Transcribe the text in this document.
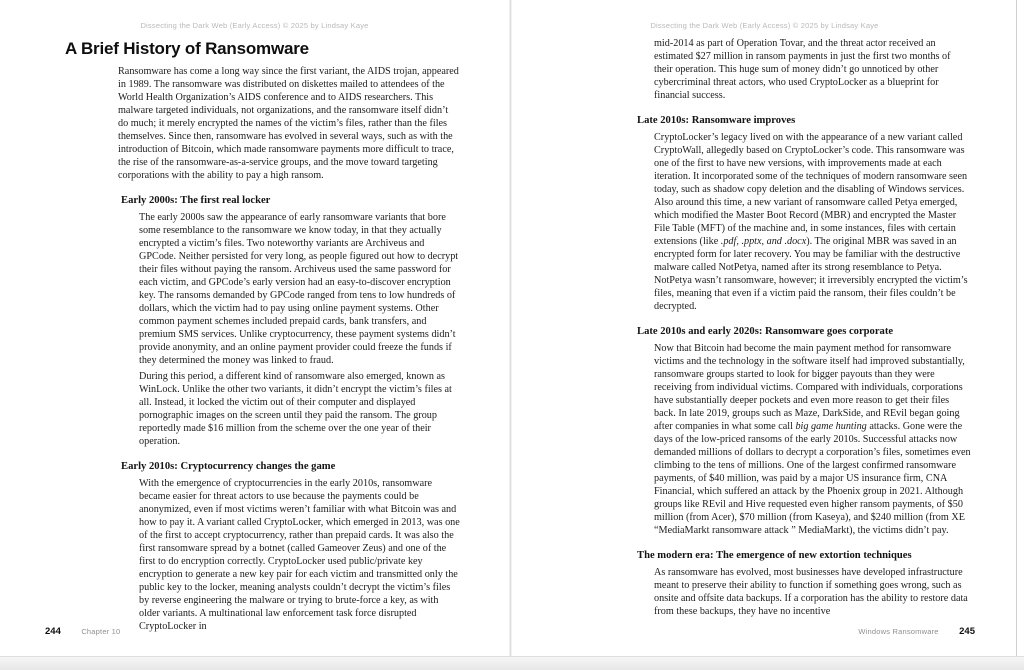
Dissecting the Dark Web (Early Access) © 2025 by Lindsay Kaye
A Brief History of Ransomware

Ransomware has come a long way since the first variant, the AIDS trojan, appeared in 1989. The ransomware was distributed on diskettes mailed to attendees of the World Health Organization’s AIDS conference and to AIDS researchers. This malware targeted individuals, not organizations, and the ransomware itself didn’t do much; it merely encrypted the names of the victim’s files, rather than the files themselves. Since then, ransomware has evolved in several ways, such as with the introduction of Bitcoin, which made ransomware payments more difficult to trace, the rise of the ransomware-as-a-service groups, and the move toward targeting corporations with the ability to pay a high ransom.

Early 2000s: The first real locker

The early 2000s saw the appearance of early ransomware variants that bore some resemblance to the ransomware we know today, in that they actually encrypted a victim’s files. Two noteworthy variants are Archiveus and GPCode. Neither persisted for very long, as people figured out how to decrypt their files without paying the ransom. Archiveus used the same password for each victim, and GPCode’s early version had an easy-to-discover encryption key. The ransoms demanded by GPCode ranged from tens to low hundreds of dollars, which the victim had to pay using online payment systems. Other common payment schemes included prepaid cards, bank transfers, and premium SMS services. Unlike cryptocurrency, these payment systems didn’t provide anonymity, and an online payment provider could freeze the funds if they determined the money was linked to fraud.

During this period, a different kind of ransomware also emerged, known as WinLock. Unlike the other two variants, it didn’t encrypt the victim’s files at all. Instead, it locked the victim out of their computer and displayed pornographic images on the screen until they paid the ransom. The group reportedly made $16 million from the scheme over the one year of their operation.

Early 2010s: Cryptocurrency changes the game

With the emergence of cryptocurrencies in the early 2010s, ransomware became easier for threat actors to use because the payments could be anonymized, even if most victims weren’t familiar with what Bitcoin was and how to pay it. A variant called CryptoLocker, which emerged in 2013, was one of the first to accept cryptocurrency, rather than prepaid cards. It was also the first ransomware spread by a botnet (called Gameover Zeus) and one of the first to do encryption correctly. CryptoLocker used public/private key encryption to generate a new key pair for each victim and transmitted only the public key to the locker, meaning analysts couldn’t decrypt the victim’s files by reverse engineering the malware or trying to brute-force a key, as with older variants. A multinational law enforcement task force disrupted CryptoLocker in

244	Chapter 10
Dissecting the Dark Web (Early Access) © 2025 by Lindsay Kaye

mid-2014 as part of Operation Tovar, and the threat actor received an estimated $27 million in ransom payments in just the first two months of their operation. This huge sum of money didn’t go unnoticed by other cybercriminal threat actors, who used CryptoLocker as a blueprint for financial success.

Late 2010s: Ransomware improves

CryptoLocker’s legacy lived on with the appearance of a new variant called CryptoWall, allegedly based on CryptoLocker’s code. This ransomware was one of the first to have new versions, with improvements made at each iteration. It incorporated some of the techniques of modern ransomware seen today, such as shadow copy deletion and the disabling of Windows services. Also around this time, a new variant of ransomware called Petya emerged, which modified the Master Boot Record (MBR) and encrypted the Master File Table (MFT) of the machine and, in some instances, files with certain extensions (like .pdf, .pptx, and .docx). The original MBR was saved in an encrypted form for later recovery. You may be familiar with the destructive malware called NotPetya, named after its strong resemblance to Petya. NotPetya wasn’t ransomware, however; it irreversibly encrypted the victim’s files, meaning that even if a victim paid the ransom, their files couldn’t be decrypted.

Late 2010s and early 2020s: Ransomware goes corporate

Now that Bitcoin had become the main payment method for ransomware victims and the technology in the software itself had improved substantially, ransomware groups started to look for bigger payouts than they were receiving from individual victims. Compared with individuals, corporations have substantially deeper pockets and even more reason to get their files back. In late 2019, groups such as Maze, DarkSide, and REvil began going after companies in what some call big game hunting attacks. Gone were the days of the low-priced ransoms of the early 2010s. Successful attacks now demanded millions of dollars to decrypt a corporation’s files, sometimes even climbing to the tens of millions. One of the largest confirmed ransomware payments, of $40 million, was paid by a major US insurance firm, CNA Financial, which suffered an attack by the Phoenix group in 2021. Although groups like REvil and Hive requested even higher ransom payments, of $50 million (from Acer), $70 million (from Kaseya), and $240 million (from XE “MediaMarkt ransomware attack ” MediaMarkt), the victims didn’t pay.

The modern era: The emergence of new extortion techniques

As ransomware has evolved, most businesses have developed infrastructure meant to preserve their ability to function if something goes wrong, such as onsite and offsite data backups. If a corporation has the ability to restore data from these backups, they have no incentive

Windows Ransomware 245
